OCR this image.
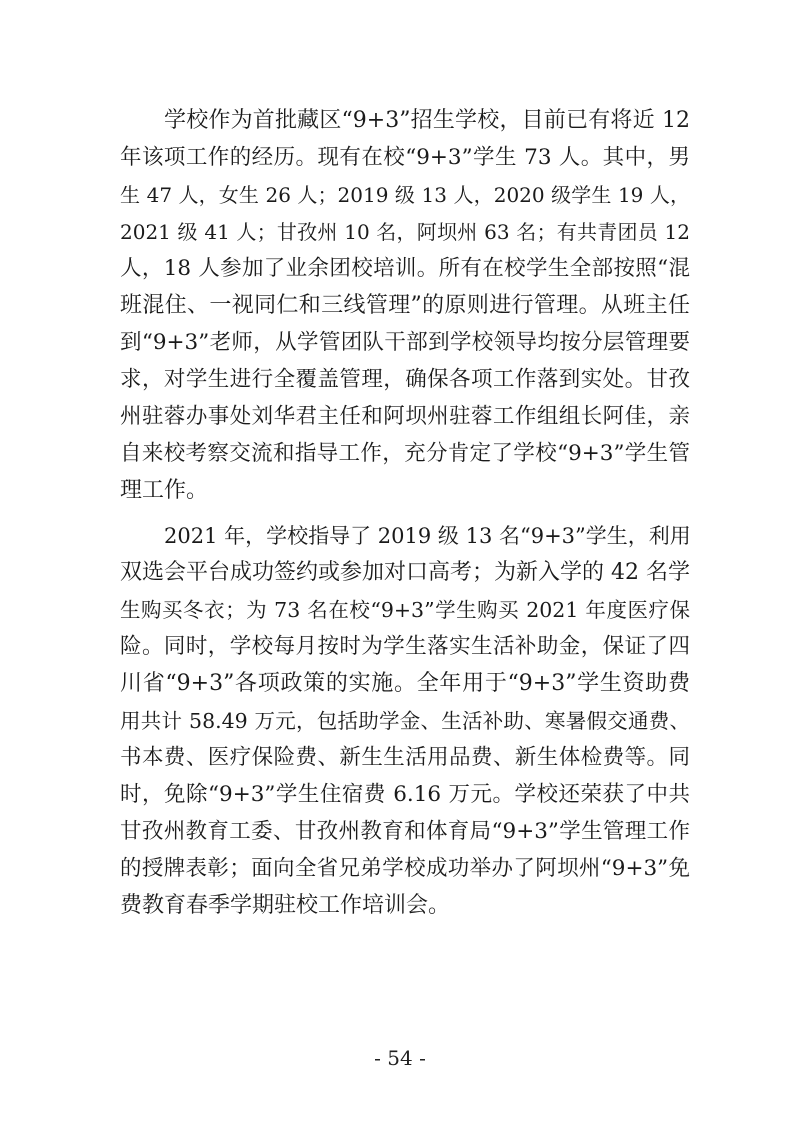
学校作为首批藏区“9+3”招生学校，目前已有将近 12
年该项工作的经历。现有在校“9+3”学生 73 人。其中，男
生 47 人，女生 26 人；2019 级 13 人，2020 级学生 19 人，
2021 级 41 人；甘孜州 10 名，阿坝州 63 名；有共青团员 12
人，18 人参加了业余团校培训。所有在校学生全部按照“混
班混住、一视同仁和三线管理”的原则进行管理。从班主任
到“9+3”老师，从学管团队干部到学校领导均按分层管理要
求，对学生进行全覆盖管理，确保各项工作落到实处。甘孜
州驻蓉办事处刘华君主任和阿坝州驻蓉工作组组长阿佳，亲
自来校考察交流和指导工作，充分肯定了学校“9+3”学生管
理工作。
2021 年，学校指导了 2019 级 13 名“9+3”学生，利用
双选会平台成功签约或参加对口高考；为新入学的 42 名学
生购买冬衣；为 73 名在校“9+3”学生购买 2021 年度医疗保
险。同时，学校每月按时为学生落实生活补助金，保证了四
川省“9+3”各项政策的实施。全年用于“9+3”学生资助费
用共计 58.49 万元，包括助学金、生活补助、寒暑假交通费、
书本费、医疗保险费、新生生活用品费、新生体检费等。同
时，免除“9+3”学生住宿费 6.16 万元。学校还荣获了中共
甘孜州教育工委、甘孜州教育和体育局“9+3”学生管理工作
的授牌表彰；面向全省兄弟学校成功举办了阿坝州“9+3”免
费教育春季学期驻校工作培训会。
- 54 -
